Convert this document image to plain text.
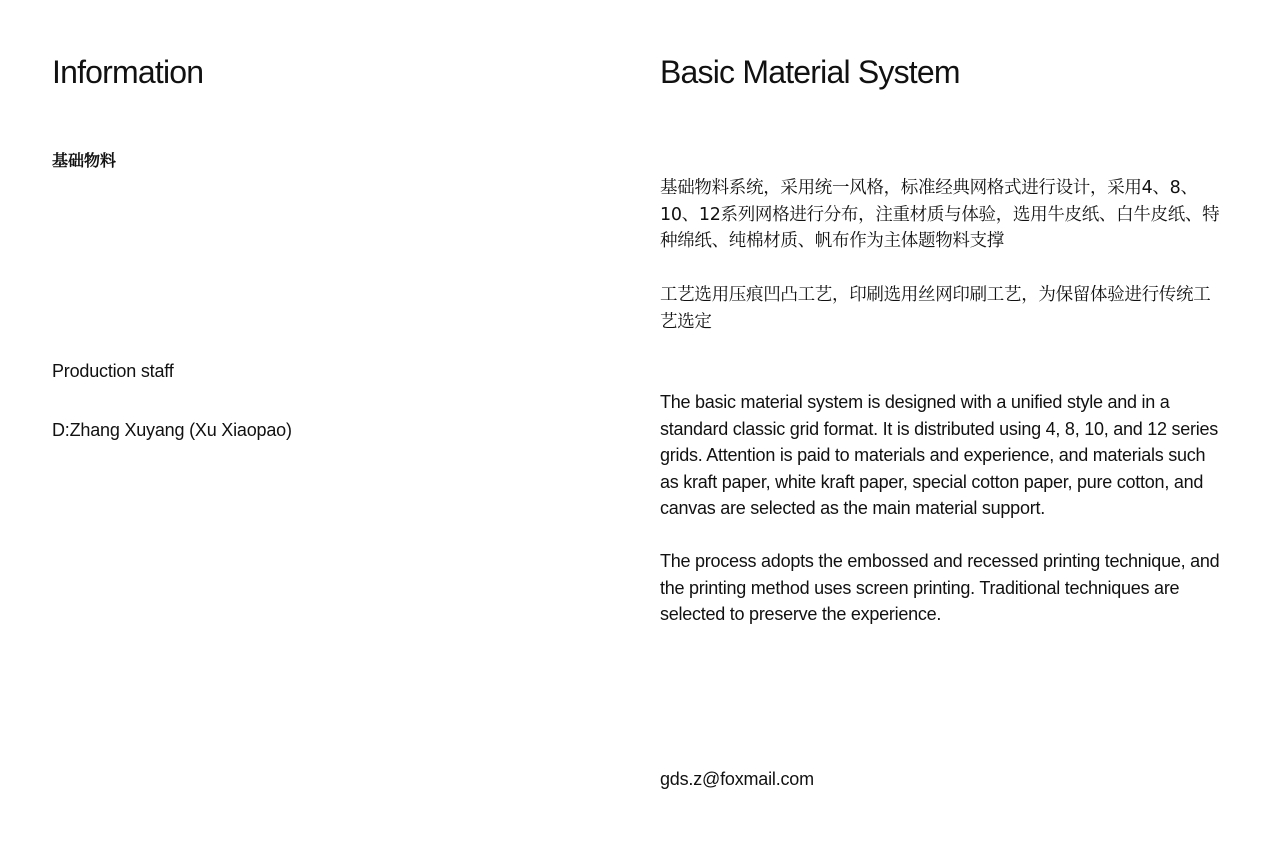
Information
基础物料
Production staff
D:Zhang Xuyang (Xu Xiaopao)
Basic Material System

基础物料系统，采用统一风格，标准经典网格式进行设计，采用4、8、10、12系列网格进行分布，注重材质与体验，选用牛皮纸、白牛皮纸、特种绵纸、纯棉材质、帆布作为主体题物料支撑

工艺选用压痕凹凸工艺，印刷选用丝网印刷工艺，为保留体验进行传统工艺选定

The basic material system is designed with a unified style and in a standard classic grid format. It is distributed using 4, 8, 10, and 12 series grids. Attention is paid to materials and experience, and materials such as kraft paper, white kraft paper, special cotton paper, pure cotton, and canvas are selected as the main material support.

The process adopts the embossed and recessed printing technique, and the printing method uses screen printing. Traditional techniques are selected to preserve the experience.

gds.z@foxmail.com
